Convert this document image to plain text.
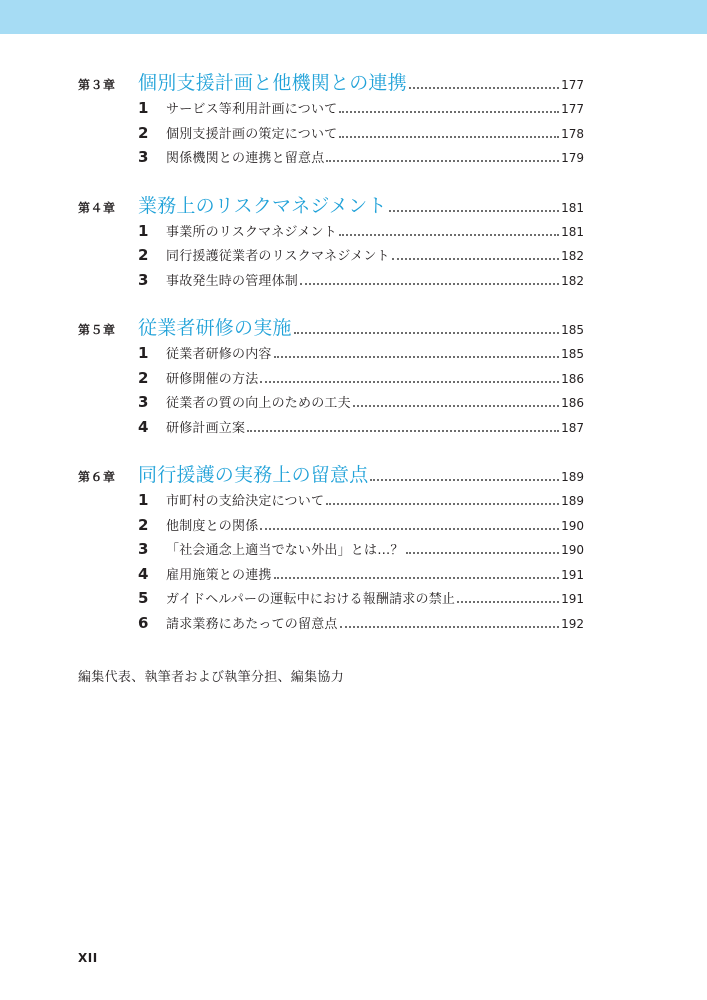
第３章	個別支援計画と他機関との連携	177
1	サービス等利用計画について	177
2	個別支援計画の策定について	178
3	関係機関との連携と留意点	179
第４章	業務上のリスクマネジメント	181
1	事業所のリスクマネジメント	181
2	同行援護従業者のリスクマネジメント	182
3	事故発生時の管理体制	182
第５章	従業者研修の実施	185
1	従業者研修の内容	185
2	研修開催の方法	186
3	従業者の質の向上のための工夫	186
4	研修計画立案	187
第６章	同行援護の実務上の留意点	189
1	市町村の支給決定について	189
2	他制度との関係	190
3	「社会通念上適当でない外出」とは…？	190
4	雇用施策との連携	191
5	ガイドヘルパーの運転中における報酬請求の禁止	191
6	請求業務にあたっての留意点	192
編集代表、執筆者および執筆分担、編集協力
XII
